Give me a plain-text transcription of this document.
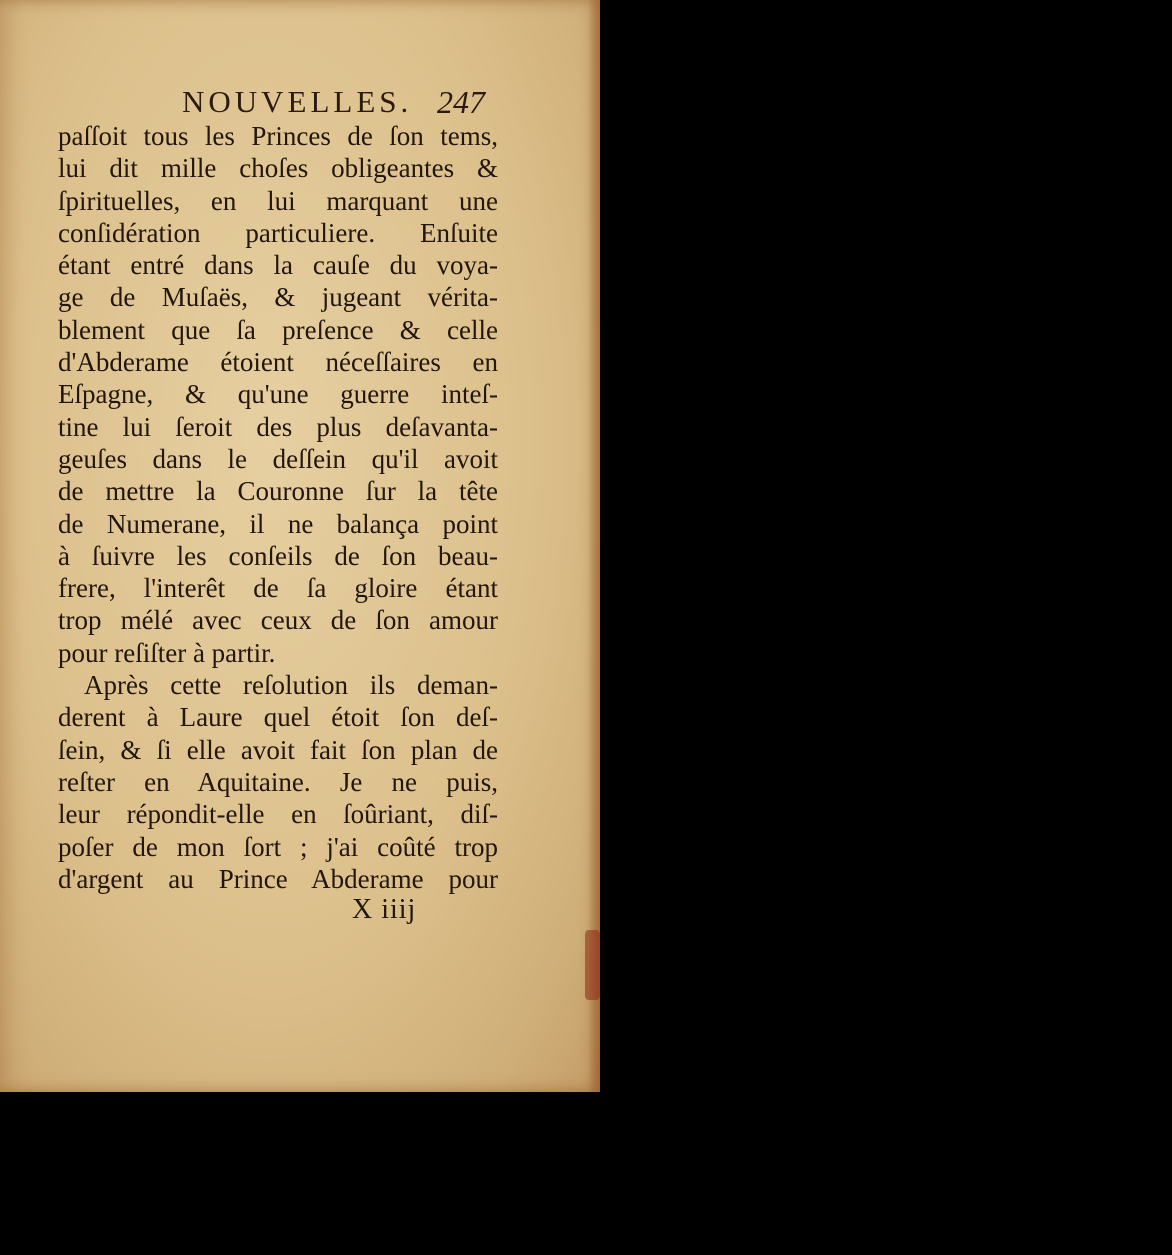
NOUVELLES. 247
paſſoit tous les Princes de ſon tems,
lui dit mille choſes obligeantes &
ſpirituelles, en lui marquant une
conſidération particuliere. Enſuite
étant entré dans la cauſe du voya-
ge de Muſaës, & jugeant vérita-
blement que ſa preſence & celle
d'Abderame étoient néceſſaires en
Eſpagne, & qu'une guerre inteſ-
tine lui ſeroit des plus deſavanta-
geuſes dans le deſſein qu'il avoit
de mettre la Couronne ſur la tête
de Numerane, il ne balança point
à ſuivre les conſeils de ſon beau-
frere, l'interêt de ſa gloire étant
trop mélé avec ceux de ſon amour
pour reſiſter à partir.
Après cette reſolution ils deman-
derent à Laure quel étoit ſon deſ-
ſein, & ſi elle avoit fait ſon plan de
reſter en Aquitaine. Je ne puis,
leur répondit-elle en ſoûriant, diſ-
poſer de mon ſort ; j'ai coûté trop
d'argent au Prince Abderame pour
X iiij
